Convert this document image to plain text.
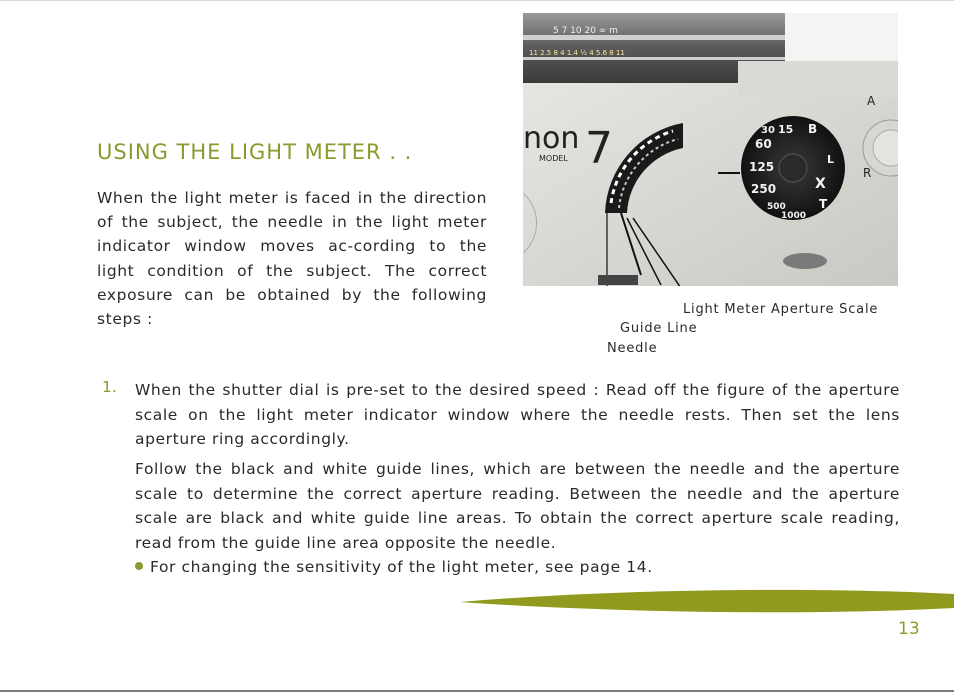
USING THE LIGHT METER . .
When the light meter is faced in the direction of the subject, the needle in the light meter indicator window moves ac-cording to the light condition of the subject. The correct exposure can be obtained by the following steps :
5 7 10 20 ∞ m
11 2.5 8 4 1.4 ½ 4 5.6 8 11
non 7
MODEL
60
125
250
500
1000
15
30	B
X
T
L
A
R
Light Meter Aperture Scale
Guide Line
Needle
1. When the shutter dial is pre-set to the desired speed : Read off the figure of the aperture scale on the light meter indicator window where the needle rests. Then set the lens aperture ring accordingly.
Follow the black and white guide lines, which are between the needle and the aperture scale to determine the correct aperture reading. Between the needle and the aperture scale are black and white guide line areas. To obtain the correct aperture scale reading, read from the guide line area opposite the needle.
For changing the sensitivity of the light meter, see page 14.
13
